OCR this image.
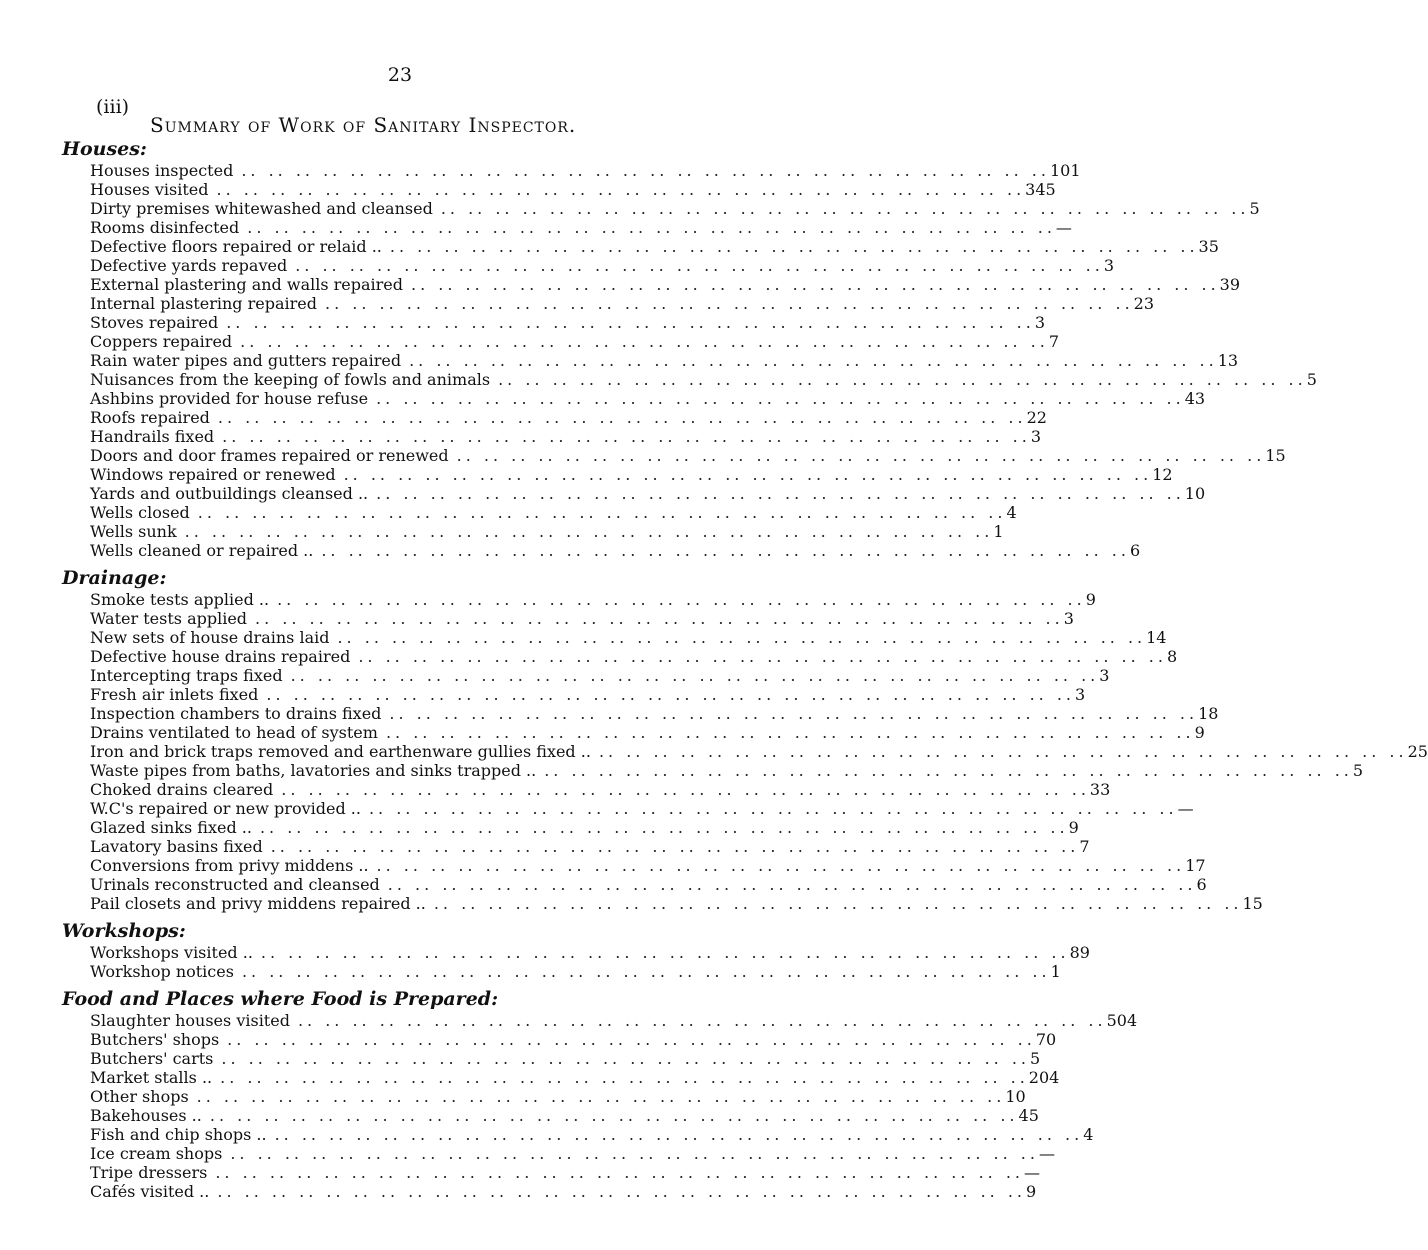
23
(iii)
Summary of Work of Sanitary Inspector.
Houses:
Houses inspected .. .. .. .. .. .. .. .. .. .. .. .. .. .. .. .. .. .. .. .. .. .. .. .. .. .. .. .. .. .. 101
Houses visited .. .. .. .. .. .. .. .. .. .. .. .. .. .. .. .. .. .. .. .. .. .. .. .. .. .. .. .. .. .. 345
Dirty premises whitewashed and cleansed .. .. .. .. .. .. .. .. .. .. .. .. .. .. .. .. .. .. .. .. .. .. .. .. .. .. .. .. .. .. 5
Rooms disinfected .. .. .. .. .. .. .. .. .. .. .. .. .. .. .. .. .. .. .. .. .. .. .. .. .. .. .. .. .. .. —
Defective floors repaired or relaid .. .. .. .. .. .. .. .. .. .. .. .. .. .. .. .. .. .. .. .. .. .. .. .. .. .. .. .. .. .. .. 35
Defective yards repaved .. .. .. .. .. .. .. .. .. .. .. .. .. .. .. .. .. .. .. .. .. .. .. .. .. .. .. .. .. .. 3
External plastering and walls repaired .. .. .. .. .. .. .. .. .. .. .. .. .. .. .. .. .. .. .. .. .. .. .. .. .. .. .. .. .. .. 39
Internal plastering repaired .. .. .. .. .. .. .. .. .. .. .. .. .. .. .. .. .. .. .. .. .. .. .. .. .. .. .. .. .. .. 23
Stoves repaired .. .. .. .. .. .. .. .. .. .. .. .. .. .. .. .. .. .. .. .. .. .. .. .. .. .. .. .. .. .. 3
Coppers repaired .. .. .. .. .. .. .. .. .. .. .. .. .. .. .. .. .. .. .. .. .. .. .. .. .. .. .. .. .. .. 7
Rain water pipes and gutters repaired .. .. .. .. .. .. .. .. .. .. .. .. .. .. .. .. .. .. .. .. .. .. .. .. .. .. .. .. .. .. 13
Nuisances from the keeping of fowls and animals .. .. .. .. .. .. .. .. .. .. .. .. .. .. .. .. .. .. .. .. .. .. .. .. .. .. .. .. .. .. 5
Ashbins provided for house refuse .. .. .. .. .. .. .. .. .. .. .. .. .. .. .. .. .. .. .. .. .. .. .. .. .. .. .. .. .. .. 43
Roofs repaired .. .. .. .. .. .. .. .. .. .. .. .. .. .. .. .. .. .. .. .. .. .. .. .. .. .. .. .. .. .. 22
Handrails fixed .. .. .. .. .. .. .. .. .. .. .. .. .. .. .. .. .. .. .. .. .. .. .. .. .. .. .. .. .. .. 3
Doors and door frames repaired or renewed .. .. .. .. .. .. .. .. .. .. .. .. .. .. .. .. .. .. .. .. .. .. .. .. .. .. .. .. .. .. 15
Windows repaired or renewed .. .. .. .. .. .. .. .. .. .. .. .. .. .. .. .. .. .. .. .. .. .. .. .. .. .. .. .. .. .. 12
Yards and outbuildings cleansed .. .. .. .. .. .. .. .. .. .. .. .. .. .. .. .. .. .. .. .. .. .. .. .. .. .. .. .. .. .. .. 10
Wells closed .. .. .. .. .. .. .. .. .. .. .. .. .. .. .. .. .. .. .. .. .. .. .. .. .. .. .. .. .. .. 4
Wells sunk .. .. .. .. .. .. .. .. .. .. .. .. .. .. .. .. .. .. .. .. .. .. .. .. .. .. .. .. .. .. 1
Wells cleaned or repaired .. .. .. .. .. .. .. .. .. .. .. .. .. .. .. .. .. .. .. .. .. .. .. .. .. .. .. .. .. .. .. 6
Drainage:
Smoke tests applied .. .. .. .. .. .. .. .. .. .. .. .. .. .. .. .. .. .. .. .. .. .. .. .. .. .. .. .. .. .. .. 9
Water tests applied .. .. .. .. .. .. .. .. .. .. .. .. .. .. .. .. .. .. .. .. .. .. .. .. .. .. .. .. .. .. 3
New sets of house drains laid .. .. .. .. .. .. .. .. .. .. .. .. .. .. .. .. .. .. .. .. .. .. .. .. .. .. .. .. .. .. 14
Defective house drains repaired .. .. .. .. .. .. .. .. .. .. .. .. .. .. .. .. .. .. .. .. .. .. .. .. .. .. .. .. .. .. 8
Intercepting traps fixed .. .. .. .. .. .. .. .. .. .. .. .. .. .. .. .. .. .. .. .. .. .. .. .. .. .. .. .. .. .. 3
Fresh air inlets fixed .. .. .. .. .. .. .. .. .. .. .. .. .. .. .. .. .. .. .. .. .. .. .. .. .. .. .. .. .. .. 3
Inspection chambers to drains fixed .. .. .. .. .. .. .. .. .. .. .. .. .. .. .. .. .. .. .. .. .. .. .. .. .. .. .. .. .. .. 18
Drains ventilated to head of system .. .. .. .. .. .. .. .. .. .. .. .. .. .. .. .. .. .. .. .. .. .. .. .. .. .. .. .. .. .. 9
Iron and brick traps removed and earthenware gullies fixed .. .. .. .. .. .. .. .. .. .. .. .. .. .. .. .. .. .. .. .. .. .. .. .. .. .. .. .. .. .. .. 25
Waste pipes from baths, lavatories and sinks trapped .. .. .. .. .. .. .. .. .. .. .. .. .. .. .. .. .. .. .. .. .. .. .. .. .. .. .. .. .. .. .. 5
Choked drains cleared .. .. .. .. .. .. .. .. .. .. .. .. .. .. .. .. .. .. .. .. .. .. .. .. .. .. .. .. .. .. 33
W.C's repaired or new provided .. .. .. .. .. .. .. .. .. .. .. .. .. .. .. .. .. .. .. .. .. .. .. .. .. .. .. .. .. .. .. —
Glazed sinks fixed .. .. .. .. .. .. .. .. .. .. .. .. .. .. .. .. .. .. .. .. .. .. .. .. .. .. .. .. .. .. .. 9
Lavatory basins fixed .. .. .. .. .. .. .. .. .. .. .. .. .. .. .. .. .. .. .. .. .. .. .. .. .. .. .. .. .. .. 7
Conversions from privy middens .. .. .. .. .. .. .. .. .. .. .. .. .. .. .. .. .. .. .. .. .. .. .. .. .. .. .. .. .. .. .. 17
Urinals reconstructed and cleansed .. .. .. .. .. .. .. .. .. .. .. .. .. .. .. .. .. .. .. .. .. .. .. .. .. .. .. .. .. .. 6
Pail closets and privy middens repaired .. .. .. .. .. .. .. .. .. .. .. .. .. .. .. .. .. .. .. .. .. .. .. .. .. .. .. .. .. .. .. 15
Workshops:
Workshops visited .. .. .. .. .. .. .. .. .. .. .. .. .. .. .. .. .. .. .. .. .. .. .. .. .. .. .. .. .. .. .. 89
Workshop notices .. .. .. .. .. .. .. .. .. .. .. .. .. .. .. .. .. .. .. .. .. .. .. .. .. .. .. .. .. .. 1
Food and Places where Food is Prepared:
Slaughter houses visited .. .. .. .. .. .. .. .. .. .. .. .. .. .. .. .. .. .. .. .. .. .. .. .. .. .. .. .. .. .. 504
Butchers' shops .. .. .. .. .. .. .. .. .. .. .. .. .. .. .. .. .. .. .. .. .. .. .. .. .. .. .. .. .. .. 70
Butchers' carts .. .. .. .. .. .. .. .. .. .. .. .. .. .. .. .. .. .. .. .. .. .. .. .. .. .. .. .. .. .. 5
Market stalls .. .. .. .. .. .. .. .. .. .. .. .. .. .. .. .. .. .. .. .. .. .. .. .. .. .. .. .. .. .. .. 204
Other shops .. .. .. .. .. .. .. .. .. .. .. .. .. .. .. .. .. .. .. .. .. .. .. .. .. .. .. .. .. .. 10
Bakehouses .. .. .. .. .. .. .. .. .. .. .. .. .. .. .. .. .. .. .. .. .. .. .. .. .. .. .. .. .. .. .. 45
Fish and chip shops .. .. .. .. .. .. .. .. .. .. .. .. .. .. .. .. .. .. .. .. .. .. .. .. .. .. .. .. .. .. .. 4
Ice cream shops .. .. .. .. .. .. .. .. .. .. .. .. .. .. .. .. .. .. .. .. .. .. .. .. .. .. .. .. .. .. —
Tripe dressers .. .. .. .. .. .. .. .. .. .. .. .. .. .. .. .. .. .. .. .. .. .. .. .. .. .. .. .. .. .. —
Cafés visited .. .. .. .. .. .. .. .. .. .. .. .. .. .. .. .. .. .. .. .. .. .. .. .. .. .. .. .. .. .. .. 9
